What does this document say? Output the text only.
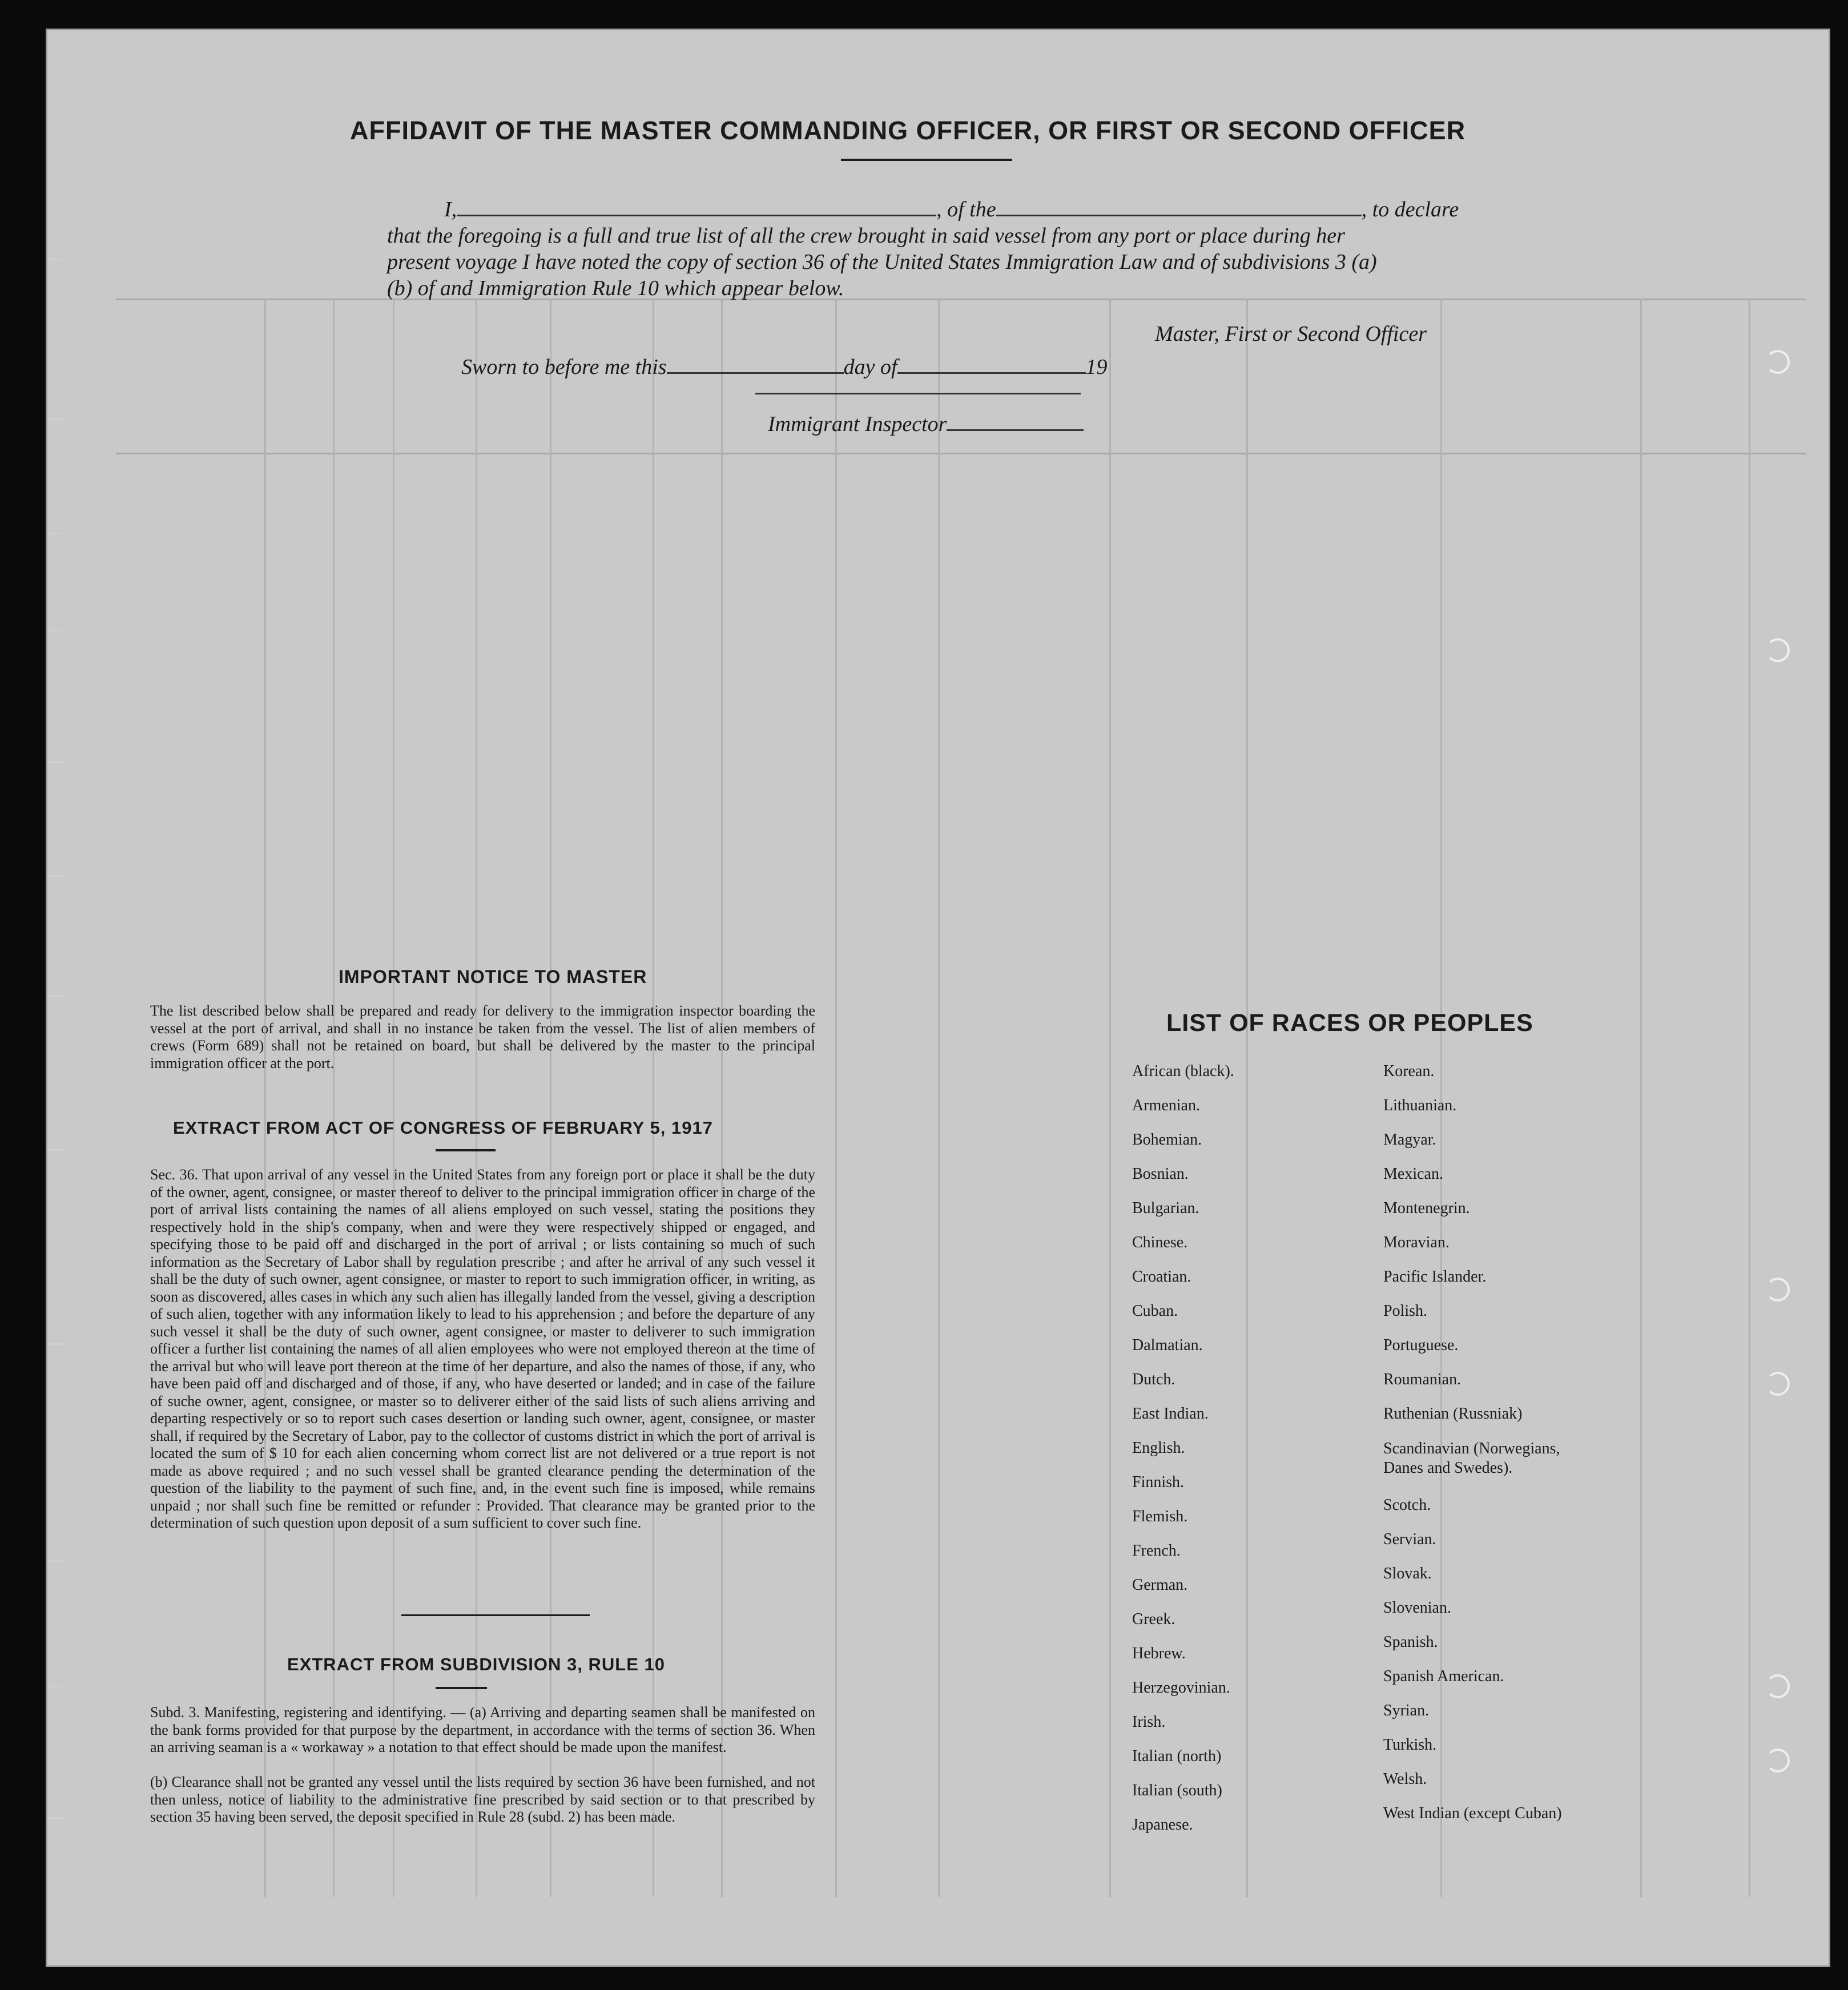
AFFIDAVIT OF THE MASTER COMMANDING OFFICER, OR FIRST OR SECOND OFFICER
I,	, of the	, to declare
that the foregoing is a full and true list of all the crew brought in said vessel from any port or place during her
present voyage I have noted the copy of section 36 of the United States Immigration Law and of subdivisions 3 (a)
(b) of and Immigration Rule 10 which appear below.
Master, First or Second Officer
Sworn to before me this	day of	19
Immigrant Inspector
IMPORTANT NOTICE TO MASTER
The list described below shall be prepared and ready for delivery to the immigration inspector boarding the vessel at the port of arrival, and shall in no instance be taken from the vessel. The list of alien members of crews (Form 689) shall not be retained on board, but shall be delivered by the master to the principal immigration officer at the port.
EXTRACT FROM ACT OF CONGRESS OF FEBRUARY 5, 1917
Sec. 36. That upon arrival of any vessel in the United States from any foreign port or place it shall be the duty of the owner, agent, consignee, or master thereof to deliver to the principal immigration officer in charge of the port of arrival lists containing the names of all aliens employed on such vessel, stating the positions they respectively hold in the ship's company, when and were they were respectively shipped or engaged, and specifying those to be paid off and discharged in the port of arrival ; or lists containing so much of such information as the Secretary of Labor shall by regulation prescribe ; and after he arrival of any such vessel it shall be the duty of such owner, agent consignee, or master to report to such immigration officer, in writing, as soon as discovered, alles cases in which any such alien has illegally landed from the vessel, giving a description of such alien, together with any information likely to lead to his apprehension ; and before the departure of any such vessel it shall be the duty of such owner, agent consignee, or master to deliverer to such immigration officer a further list containing the names of all alien employees who were not employed thereon at the time of the arrival but who will leave port thereon at the time of her departure, and also the names of those, if any, who have been paid off and discharged and of those, if any, who have deserted or landed; and in case of the failure of suche owner, agent, consignee, or master so to deliverer either of the said lists of such aliens arriving and departing respectively or so to report such cases desertion or landing such owner, agent, consignee, or master shall, if required by the Secretary of Labor, pay to the collector of customs district in which the port of arrival is located the sum of $ 10 for each alien concerning whom correct list are not delivered or a true report is not made as above required ; and no such vessel shall be granted clearance pending the determination of the question of the liability to the payment of such fine, and, in the event such fine is imposed, while remains unpaid ; nor shall such fine be remitted or refunder : Provided. That clearance may be granted prior to the determination of such question upon deposit of a sum sufficient to cover such fine.
EXTRACT FROM SUBDIVISION 3, RULE 10
Subd. 3. Manifesting, registering and identifying. — (a) Arriving and departing seamen shall be manifested on the bank forms provided for that purpose by the department, in accordance with the terms of section 36. When an arriving seaman is a « workaway » a notation to that effect should be made upon the manifest.
(b) Clearance shall not be granted any vessel until the lists required by section 36 have been furnished, and not then unless, notice of liability to the administrative fine prescribed by said section or to that prescribed by section 35 having been served, the deposit specified in Rule 28 (subd. 2) has been made.
LIST OF RACES OR PEOPLES
African (black).
Armenian.
Bohemian.
Bosnian.
Bulgarian.
Chinese.
Croatian.
Cuban.
Dalmatian.
Dutch.
East Indian.
English.
Finnish.
Flemish.
French.
German.
Greek.
Hebrew.
Herzegovinian.
Irish.
Italian (north)
Italian (south)
Japanese.
Korean.
Lithuanian.
Magyar.
Mexican.
Montenegrin.
Moravian.
Pacific Islander.
Polish.
Portuguese.
Roumanian.
Ruthenian (Russniak)
Scandinavian (Norwegians, Danes and Swedes).
Scotch.
Servian.
Slovak.
Slovenian.
Spanish.
Spanish American.
Syrian.
Turkish.
Welsh.
West Indian (except Cuban)
